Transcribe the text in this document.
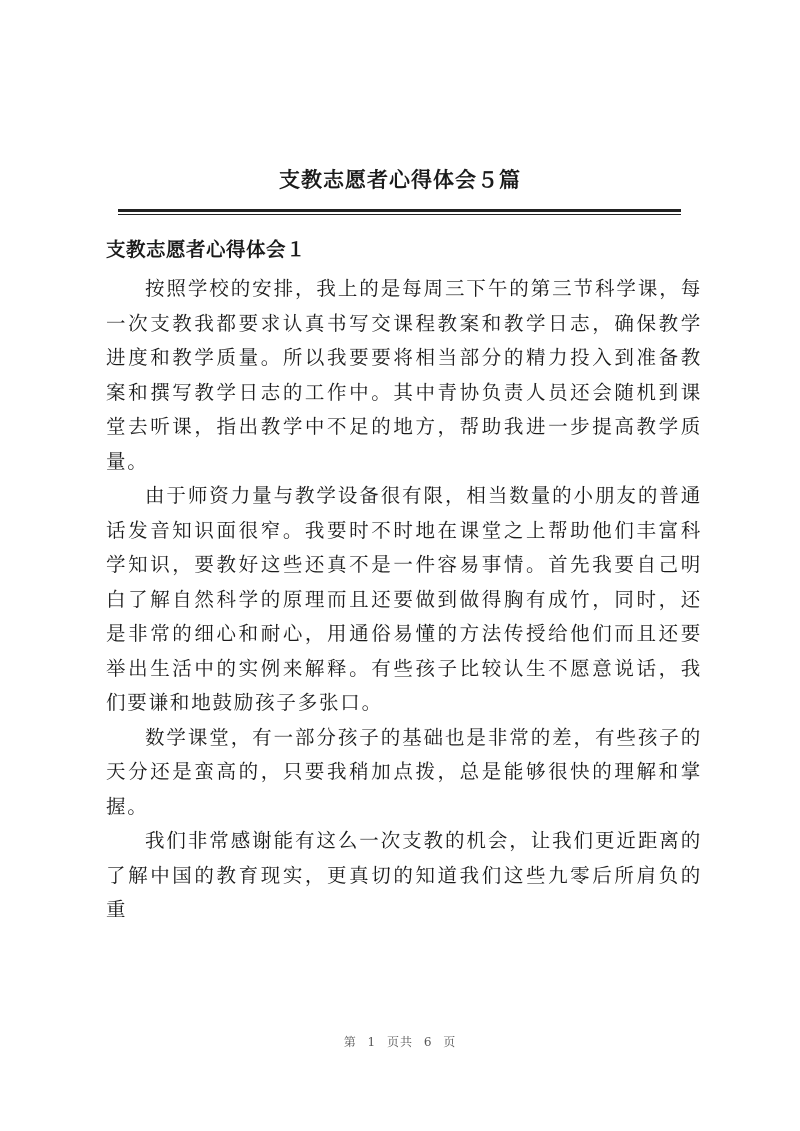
支教志愿者心得体会５篇
支教志愿者心得体会１

按照学校的安排，我上的是每周三下午的第三节科学课，每一次支教我都要求认真书写交课程教案和教学日志，确保教学进度和教学质量。所以我要要将相当部分的精力投入到准备教案和撰写教学日志的工作中。其中青协负责人员还会随机到课堂去听课，指出教学中不足的地方，帮助我进一步提高教学质量。

由于师资力量与教学设备很有限，相当数量的小朋友的普通话发音知识面很窄。我要时不时地在课堂之上帮助他们丰富科学知识，要教好这些还真不是一件容易事情。首先我要自己明白了解自然科学的原理而且还要做到做得胸有成竹，同时，还是非常的细心和耐心，用通俗易懂的方法传授给他们而且还要举出生活中的实例来解释。有些孩子比较认生不愿意说话，我们要谦和地鼓励孩子多张口。

数学课堂，有一部分孩子的基础也是非常的差，有些孩子的天分还是蛮高的，只要我稍加点拨，总是能够很快的理解和掌握。

我们非常感谢能有这么一次支教的机会，让我们更近距离的了解中国的教育现实，更真切的知道我们这些九零后所肩负的重

第 1 页共 6 页
